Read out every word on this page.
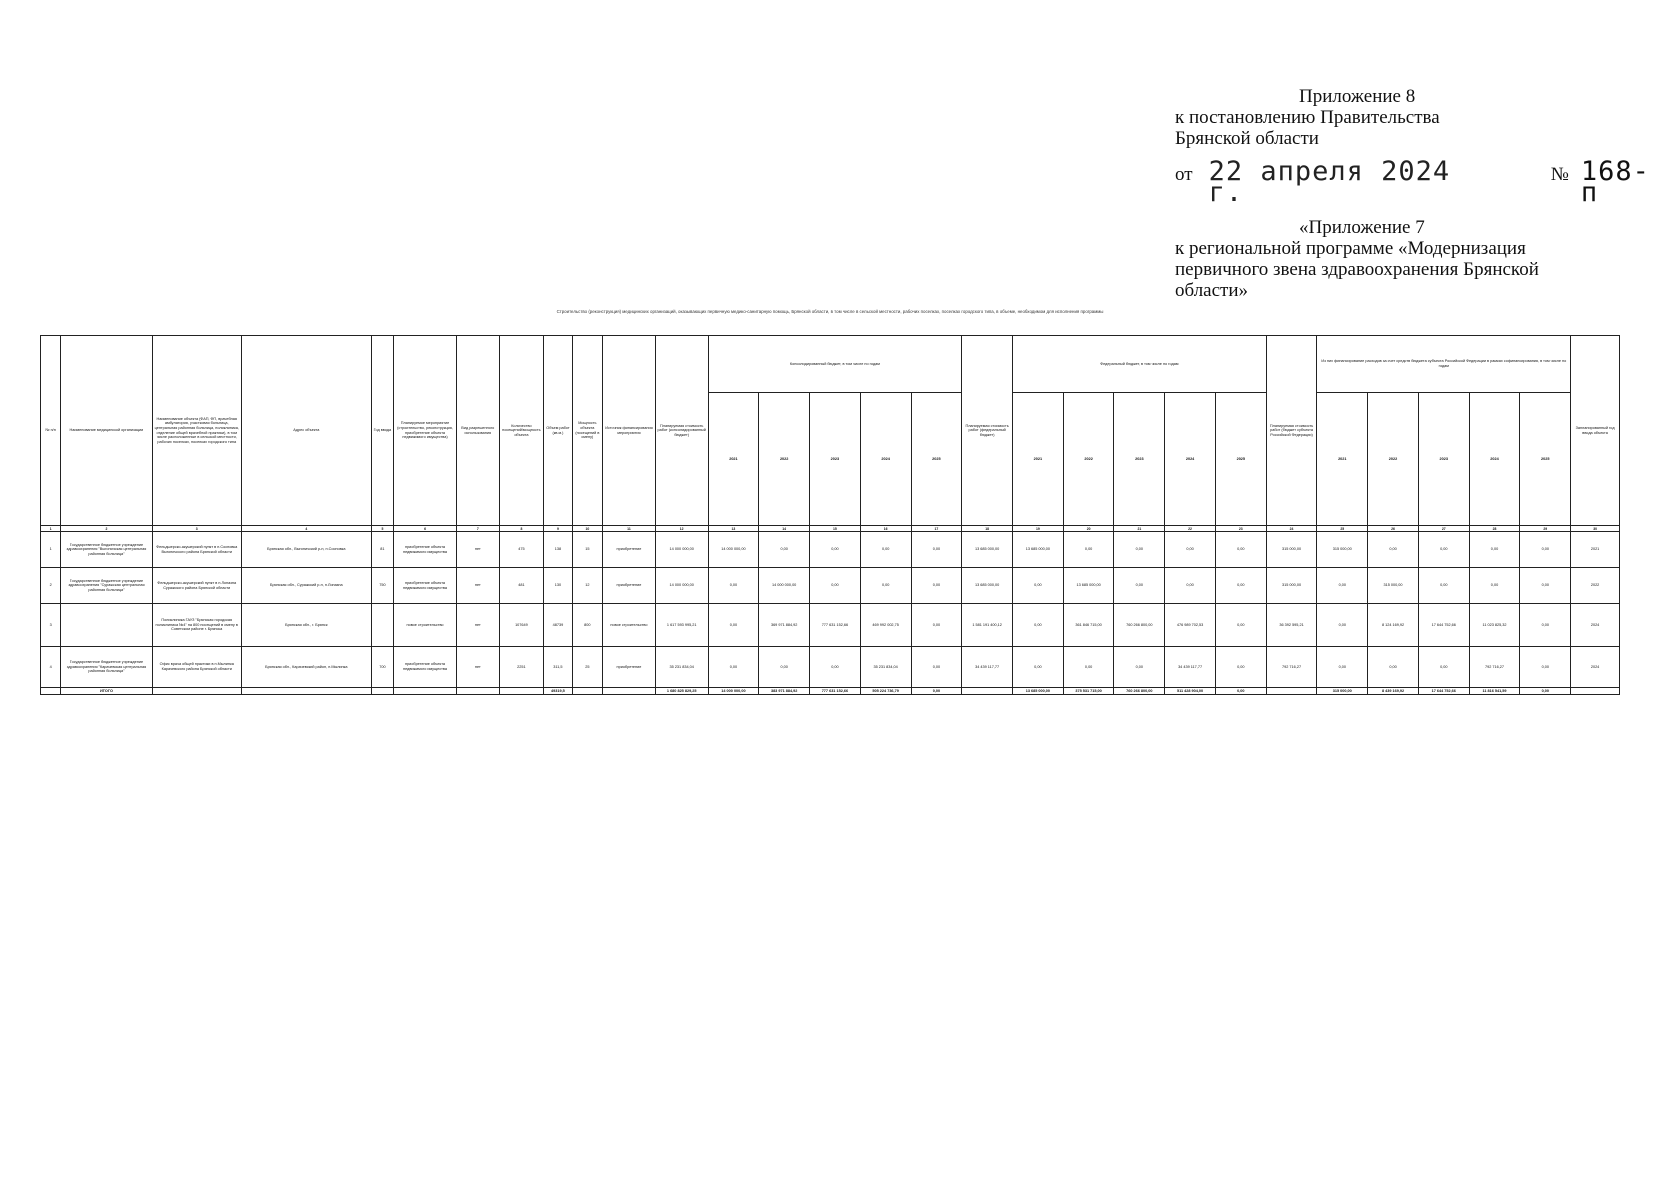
Приложение 8
к постановлению Правительства
Брянской области
от 22 апреля 2024 г.
№ 168-п
«Приложение 7
к региональной программе «Модернизация
первичного звена здравоохранения Брянской
области»
Строительство (реконструкция) медицинских организаций, оказывающих первичную медико-санитарную помощь, Брянской области, в том числе в сельской местности, рабочих поселках, поселках городского типа, в объеме, необходимом для исполнения программы
№ п/п	Наименование медицинской организации	Наименование объекта (ФАП, ФП, врачебная амбулатория, участковая больница, центральная районная больница, поликлиника, отделение общей врачебной практики), в том числе расположенные в сельской местности, рабочих поселках, поселках городского типа	Адрес объекта	Год ввода	Планируемое мероприятие (строительство, реконструкция, приобретение объекта недвижимого имущества)	Вид разрешенного использования	Количество посещений/мощность объекта	Объем работ (кв.м.)	Мощность объекта (посещений в смену)	Источник финансирования мероприятия	Планируемая стоимость работ (консолидированный бюджет)	Консолидированный бюджет, в том числе по годам					Планируемая стоимость работ (федеральный бюджет)	Федеральный бюджет, в том числе по годам					Планируемая стоимость работ (бюджет субъекта Российской Федерации)	Из них финансирование расходов за счет средств бюджета субъекта Российской Федерации в рамках софинансирования, в том числе по годам					Запланированный год ввода объекта
												2021	2022	2023	2024	2025		2021	2022	2023	2024	2025		2021	2022	2023	2024	2025	
1	2	3	4	5	6	7	8	9	10	11	12	13	14	15	16	17	18	19	20	21	22	23	24	25	26	27	28	29	30
1	Государственное бюджетное учреждение здравоохранения "Выгоничская центральная районная больница"	Фельдшерско-акушерский пункт в п.Сосновка Выгоничского района Брянской области	Брянская обл., Выгоничский р-н, п.Сосновка	81	приобретение объекта недвижимого имущества	нет	475	138	15	приобретение	14 000 000,00	14 000 000,00	0,00	0,00	0,00	0,00	13 685 000,00	13 685 000,00	0,00	0,00	0,00	0,00	315 000,00	315 000,00	0,00	0,00	0,00	0,00	2021
2	Государственное бюджетное учреждение здравоохранения "Суражская центральная районная больница"	Фельдшерско-акушерский пункт в п.Лопазна Суражского района Брянской области	Брянская обл., Суражский р-н, п.Лопазна	750	приобретение объекта недвижимого имущества	нет	481	130	12	приобретение	14 000 000,00	0,00	14 000 000,00	0,00	0,00	0,00	13 685 000,00	0,00	13 685 000,00	0,00	0,00	0,00	315 000,00	0,00	315 000,00	0,00	0,00	0,00	2022
3		Поликлиника ГАУЗ "Брянская городская поликлиника №4" на 800 посещений в смену в Советском районе г. Брянска	Брянская обл., г. Брянск		новое строительство	нет	107649	48739	800	новое строительство	1 617 593 995,21	0,00	369 971 884,92	777 631 152,66	469 992 002,75	0,00	1 581 191 400,12	0,00	361 846 715,00	760 266 800,00	476 989 702,53	0,00	36 392 595,21	0,00	8 124 169,92	17 644 752,66	11 023 825,32	0,00	2024
4	Государственное бюджетное учреждение здравоохранения "Карачевская центральная районная больница"	Офис врача общей практики в п.Мылинка Карачевского района Брянской области	Брянская обл., Карачевский район, п.Мылинка	700	приобретение объекта недвижимого имущества	нет	2251	311,5	25	приобретение	35 231 834,04	0,00	0,00	0,00	35 231 834,04	0,00	34 439 117,77	0,00	0,00	0,00	34 439 117,77	0,00	792 716,27	0,00	0,00	0,00	792 716,27	0,00	2024
	ИТОГО							49319,5			1 680 825 829,25	14 000 000,00	383 971 884,92	777 631 152,66	505 224 736,79	0,00		13 685 000,00	375 531 715,00	760 266 800,00	511 428 904,00	0,00		315 000,00	8 439 169,92	17 644 752,66	11 816 541,59	0,00	
